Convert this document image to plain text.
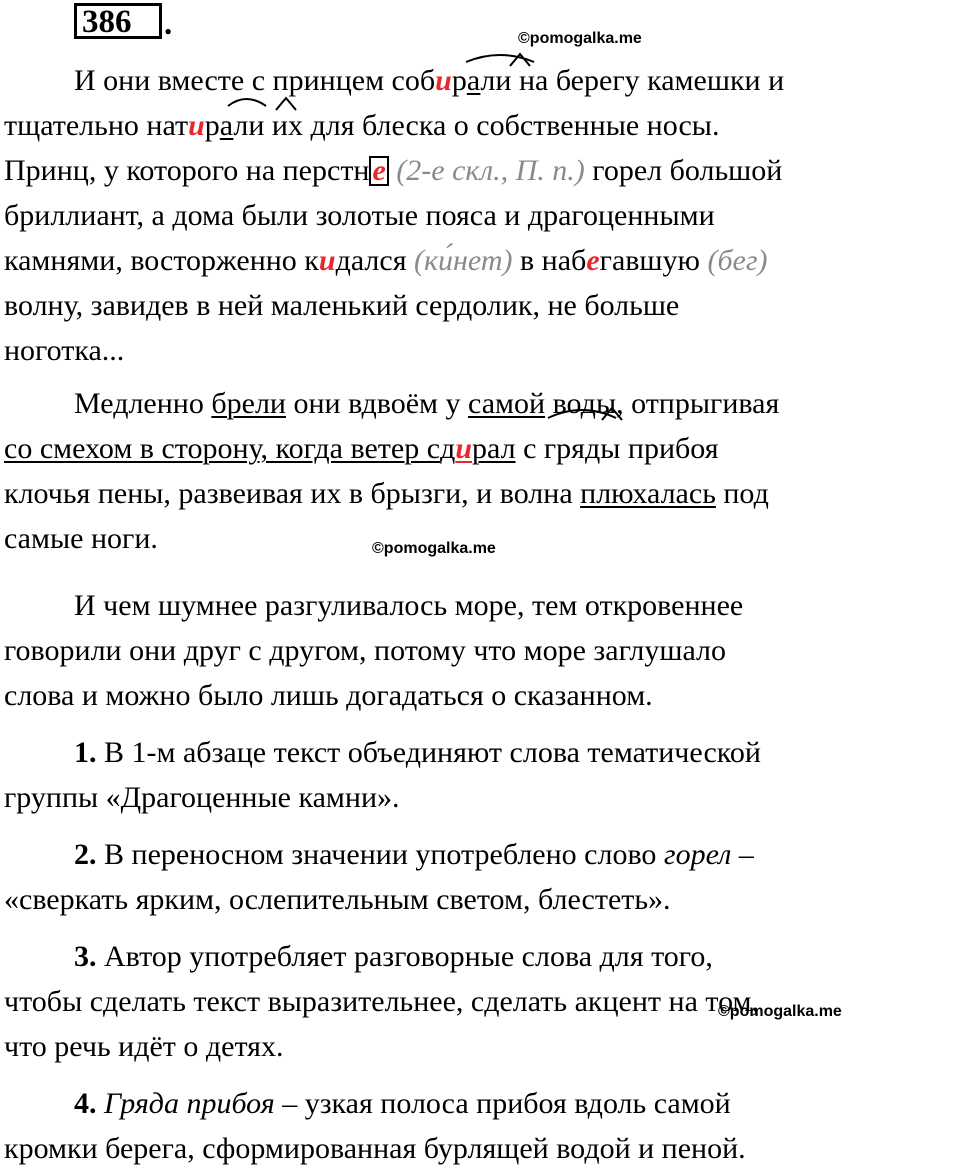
386 .	©pomogalka.me
©pomogalka.me
©pomogalka.me

И они вместе с принцем собирали на берегу камешки и

тщательно натирали их для блеска о собственные носы.

Принц, у которого на перстн е (2-е скл., П. п.) горел большой

бриллиант, а дома были золотые пояса и драгоценными

камнями, восторженно кидался (ки́нет) в набегавшую (бег)

волну, завидев в ней маленький сердолик, не больше

ноготка...

Медленно брели они вдвоём у самой воды, отпрыгивая

со смехом в сторону, когда ветер сдирал с гряды прибоя

клочья пены, развеивая их в брызги, и волна плюхалась под

самые ноги.

И чем шумнее разгуливалось море, тем откровеннее

говорили они друг с другом, потому что море заглушало

слова и можно было лишь догадаться о сказанном.

1. В 1-м абзаце текст объединяют слова тематической

группы «Драгоценные камни».

2. В переносном значении употреблено слово горел –

«сверкать ярким, ослепительным светом, блестеть».

3. Автор употребляет разговорные слова для того,

чтобы сделать текст выразительнее, сделать акцент на том,

что речь идёт о детях.

4. Гряда прибоя – узкая полоса прибоя вдоль самой

кромки берега, сформированная бурлящей водой и пеной.
